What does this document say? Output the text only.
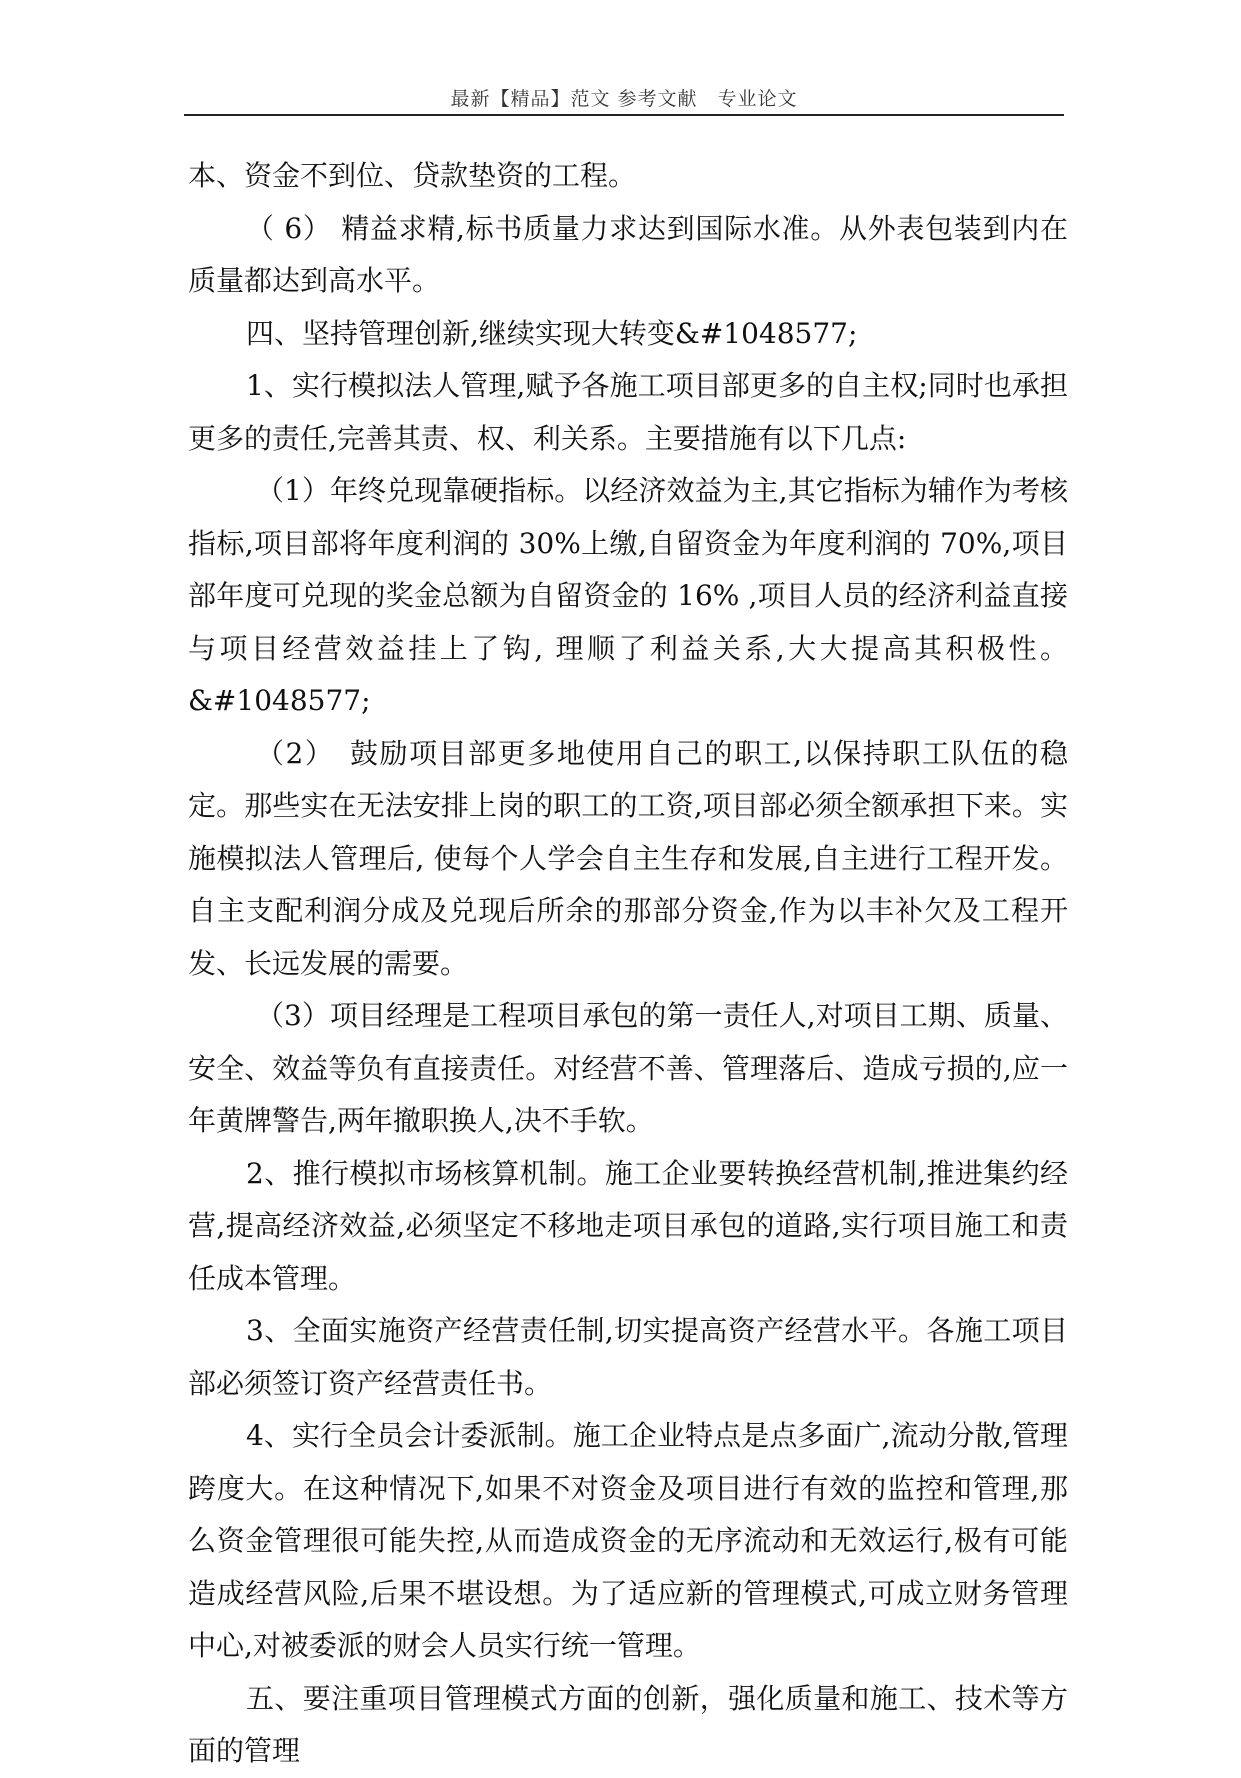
最新【精品】范文 参考文献　专业论文

本、资金不到位、贷款垫资的工程。

（ 6） 精益求精,标书质量力求达到国际水准。从外表包装到内在质量都达到高水平。

四、坚持管理创新,继续实现大转变&#1048577;

1、实行模拟法人管理,赋予各施工项目部更多的自主权;同时也承担更多的责任,完善其责、权、利关系。主要措施有以下几点:

（1）年终兑现靠硬指标。以经济效益为主,其它指标为辅作为考核指标,项目部将年度利润的 30%上缴,自留资金为年度利润的 70%,项目部年度可兑现的奖金总额为自留资金的 16% ,项目人员的经济利益直接与项目经营效益挂上了钩, 理顺了利益关系,大大提高其积极性。&#1048577;

（2）　鼓励项目部更多地使用自己的职工,以保持职工队伍的稳定。那些实在无法安排上岗的职工的工资,项目部必须全额承担下来。实施模拟法人管理后, 使每个人学会自主生存和发展,自主进行工程开发。自主支配利润分成及兑现后所余的那部分资金,作为以丰补欠及工程开发、长远发展的需要。

（3）项目经理是工程项目承包的第一责任人,对项目工期、质量、安全、效益等负有直接责任。对经营不善、管理落后、造成亏损的,应一年黄牌警告,两年撤职换人,决不手软。

2、推行模拟市场核算机制。施工企业要转换经营机制,推进集约经营,提高经济效益,必须坚定不移地走项目承包的道路,实行项目施工和责任成本管理。

3、全面实施资产经营责任制,切实提高资产经营水平。各施工项目部必须签订资产经营责任书。

4、实行全员会计委派制。施工企业特点是点多面广,流动分散,管理跨度大。在这种情况下,如果不对资金及项目进行有效的监控和管理,那么资金管理很可能失控,从而造成资金的无序流动和无效运行,极有可能造成经营风险,后果不堪设想。为了适应新的管理模式,可成立财务管理中心,对被委派的财会人员实行统一管理。

五、要注重项目管理模式方面的创新，强化质量和施工、技术等方面的管理
